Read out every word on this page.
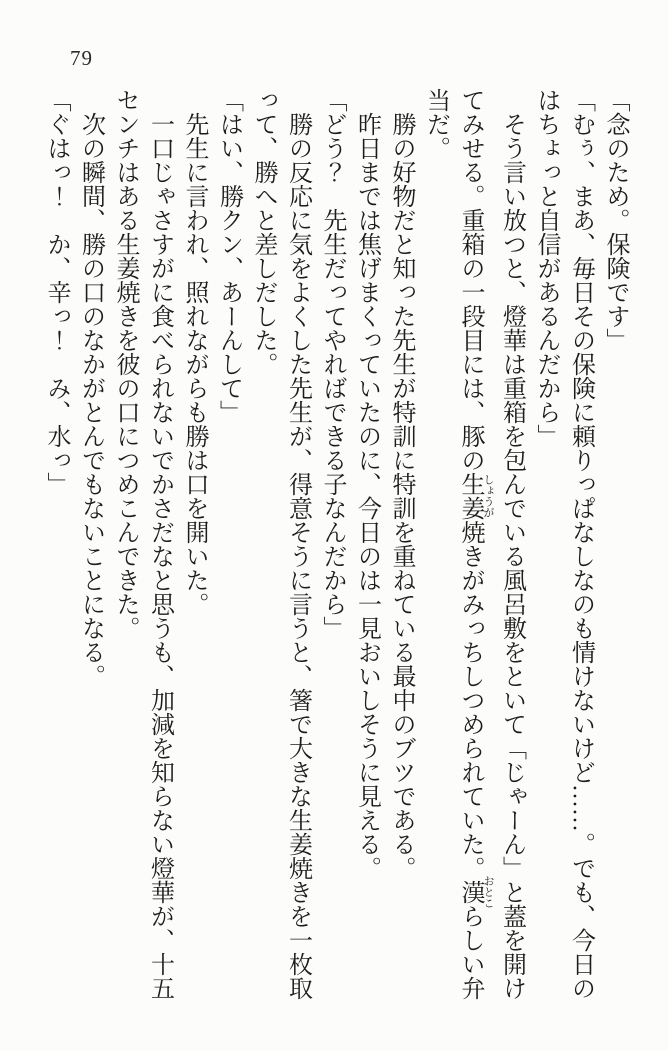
79

「念のため。保険です」

「むぅ、まあ、毎日その保険に頼りっぱなしなのも情けないけど……。でも、今日の

はちょっと自信があるんだから」

　そう言い放つと、燈華は重箱を包んでいる風呂敷をといて「じゃーん」と蓋を開け

てみせる。重箱の一段目には、豚の生姜 しょうが焼きがみっちしつめられていた。漢 おとこらしい弁

当だ。

　勝の好物だと知った先生が特訓に特訓を重ねている最中のブツである。

　昨日までは焦げまくっていたのに、今日のは一見おいしそうに見える。

「どう？　先生だってやればできる子なんだから」

　勝の反応に気をよくした先生が、得意そうに言うと、箸で大きな生姜焼きを一枚取

って、勝へと差しだした。

「はい、勝クン、あーんして」

　先生に言われ、照れながらも勝は口を開いた。

　一口じゃさすがに食べられないでかさだなと思うも、加減を知らない燈華が、十五

センチはある生姜焼きを彼の口につめこんできた。

　次の瞬間、勝の口のなかがとんでもないことになる。

「ぐはっ！　か、辛っ！　み、水っ」
